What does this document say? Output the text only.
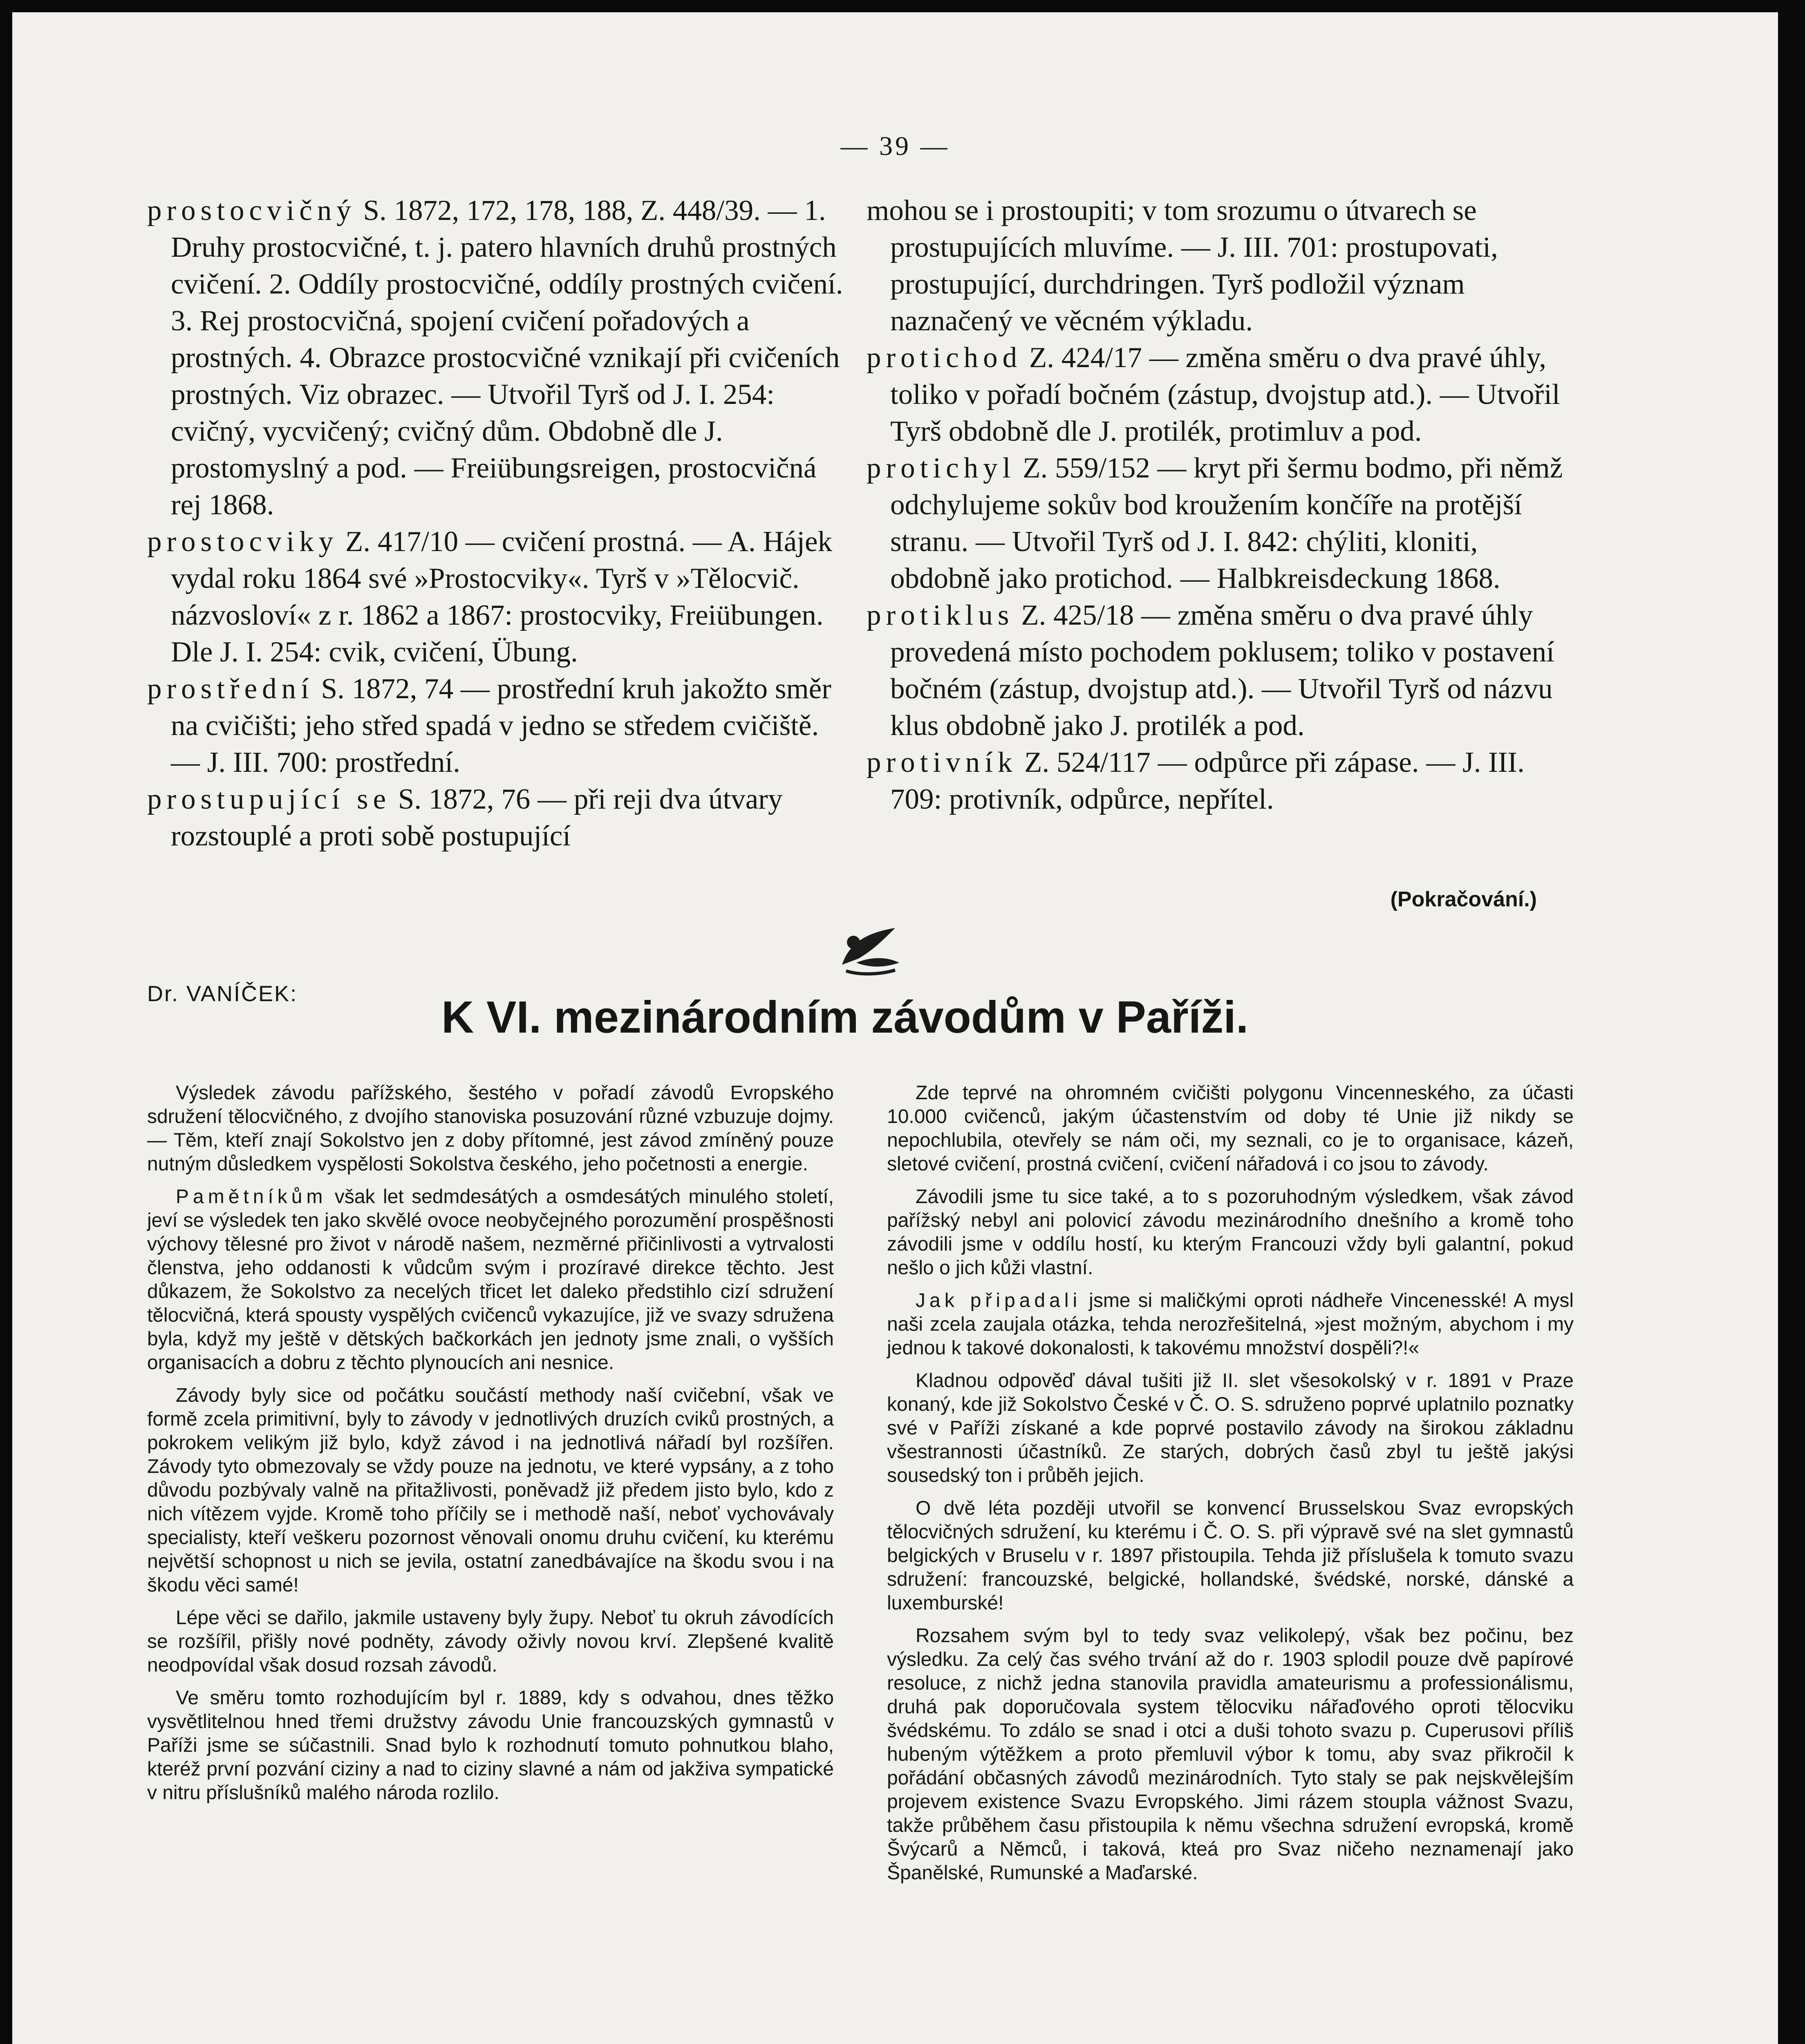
— 39 —

prostocvičný S. 1872, 172, 178, 188, Z. 448/39. — 1. Druhy prostocvičné, t. j. patero hlavních druhů prostných cvičení. 2. Oddíly prostocvičné, oddíly prostných cvičení. 3. Rej prostocvičná, spojení cvičení pořadových a prostných. 4. Obrazce prostocvičné vznikají při cvičeních prostných. Viz obrazec. — Utvořil Tyrš od J. I. 254: cvičný, vycvičený; cvičný dům. Obdobně dle J. prostomyslný a pod. — Freiübungsreigen, prostocvičná rej 1868.

prostocviky Z. 417/10 — cvičení prostná. — A. Hájek vydal roku 1864 své »Prostocviky«. Tyrš v »Tělocvič. názvosloví« z r. 1862 a 1867: prostocviky, Freiübungen. Dle J. I. 254: cvik, cvičení, Übung.

prostřední S. 1872, 74 — prostřední kruh jakožto směr na cvičišti; jeho střed spadá v jedno se středem cvičiště. — J. III. 700: prostřední.

prostupující se S. 1872, 76 — při reji dva útvary rozstouplé a proti sobě postupující

mohou se i prostoupiti; v tom srozumu o útvarech se prostupujících mluvíme. — J. III. 701: prostupovati, prostupující, durchdringen. Tyrš podložil význam naznačený ve věcném výkladu.

protichod Z. 424/17 — změna směru o dva pravé úhly, toliko v pořadí bočném (zástup, dvojstup atd.). — Utvořil Tyrš obdobně dle J. protilék, protimluv a pod.

protichyl Z. 559/152 — kryt při šermu bodmo, při němž odchylujeme sokův bod kroužením končíře na protější stranu. — Utvořil Tyrš od J. I. 842: chýliti, kloniti, obdobně jako protichod. — Halbkreisdeckung 1868.

protiklus Z. 425/18 — změna směru o dva pravé úhly provedená místo pochodem poklusem; toliko v postavení bočném (zástup, dvojstup atd.). — Utvořil Tyrš od názvu klus obdobně jako J. protilék a pod.

protivník Z. 524/117 — odpůrce při zápase. — J. III. 709: protivník, odpůrce, nepřítel.

(Pokračování.)
Dr. VANÍČEK:	K VI. mezinárodním závodům v Paříži.

Výsledek závodu pařížského, šestého v pořadí závodů Evropského sdružení tělocvičného, z dvojího stanoviska posuzování různé vzbuzuje dojmy. — Těm, kteří znají Sokolstvo jen z doby přítomné, jest závod zmíněný pouze nutným důsledkem vyspělosti Sokolstva českého, jeho početnosti a energie.

Pamětníkům však let sedmdesátých a osmdesátých minulého století, jeví se výsledek ten jako skvělé ovoce neobyčejného porozumění prospěšnosti výchovy tělesné pro život v národě našem, nezměrné přičinlivosti a vytrvalosti členstva, jeho oddanosti k vůdcům svým i prozíravé direkce těchto. Jest důkazem, že Sokolstvo za necelých třicet let daleko předstihlo cizí sdružení tělocvičná, která spousty vyspělých cvičenců vykazujíce, již ve svazy sdružena byla, když my ještě v dětských bačkorkách jen jednoty jsme znali, o vyšších organisacích a dobru z těchto plynoucích ani nesnice.

Závody byly sice od počátku součástí methody naší cvičební, však ve formě zcela primitivní, byly to závody v jednotlivých druzích cviků prostných, a pokrokem velikým již bylo, když závod i na jednotlivá nářadí byl rozšířen. Závody tyto obmezovaly se vždy pouze na jednotu, ve které vypsány, a z toho důvodu pozbývaly valně na přitažlivosti, poněvadž již předem jisto bylo, kdo z nich vítězem vyjde. Kromě toho příčily se i methodě naší, neboť vychovávaly specialisty, kteří veškeru pozornost věnovali onomu druhu cvičení, ku kterému největší schopnost u nich se jevila, ostatní zanedbávajíce na škodu svou i na škodu věci samé!

Lépe věci se dařilo, jakmile ustaveny byly župy. Neboť tu okruh závodících se rozšířil, přišly nové podněty, závody oživly novou krví. Zlepšené kvalitě neodpovídal však dosud rozsah závodů.

Ve směru tomto rozhodujícím byl r. 1889, kdy s odvahou, dnes těžko vysvětlitelnou hned třemi družstvy závodu Unie francouzských gymnastů v Paříži jsme se súčastnili. Snad bylo k rozhodnutí tomuto pohnutkou blaho, kteréž první pozvání ciziny a nad to ciziny slavné a nám od jakživa sympatické v nitru příslušníků malého národa rozlilo.

Zde teprvé na ohromném cvičišti polygonu Vincenneského, za účasti 10.000 cvičenců, jakým účastenstvím od doby té Unie již nikdy se nepochlubila, otevřely se nám oči, my seznali, co je to organisace, kázeň, sletové cvičení, prostná cvičení, cvičení nářadová i co jsou to závody.

Závodili jsme tu sice také, a to s pozoruhodným výsledkem, však závod pařížský nebyl ani polovicí závodu mezinárodního dnešního a kromě toho závodili jsme v oddílu hostí, ku kterým Francouzi vždy byli galantní, pokud nešlo o jich kůži vlastní.

Jak připadali jsme si maličkými oproti nádheře Vincenesské! A mysl naši zcela zaujala otázka, tehda nerozřešitelná, »jest možným, abychom i my jednou k takové dokonalosti, k takovému množství dospěli?!«

Kladnou odpověď dával tušiti již II. slet všesokolský v r. 1891 v Praze konaný, kde již Sokolstvo České v Č. O. S. sdruženo poprvé uplatnilo poznatky své v Paříži získané a kde poprvé postavilo závody na širokou základnu všestrannosti účastníků. Ze starých, dobrých časů zbyl tu ještě jakýsi sousedský ton i průběh jejich.

O dvě léta později utvořil se konvencí Brusselskou Svaz evropských tělocvičných sdružení, ku kterému i Č. O. S. při výpravě své na slet gymnastů belgických v Bruselu v r. 1897 přistoupila. Tehda již příslušela k tomuto svazu sdružení: francouzské, belgické, hollandské, švédské, norské, dánské a luxemburské!

Rozsahem svým byl to tedy svaz velikolepý, však bez počinu, bez výsledku. Za celý čas svého trvání až do r. 1903 splodil pouze dvě papírové resoluce, z nichž jedna stanovila pravidla amateurismu a professionálismu, druhá pak doporučovala system tělocviku nářaďového oproti tělocviku švédskému. To zdálo se snad i otci a duši tohoto svazu p. Cuperusovi příliš hubeným výtěžkem a proto přemluvil výbor k tomu, aby svaz přikročil k pořádání občasných závodů mezinárodních. Tyto staly se pak nejskvělejším projevem existence Svazu Evropského. Jimi rázem stoupla vážnost Svazu, takže průběhem času přistoupila k němu všechna sdružení evropská, kromě Švýcarů a Němců, i taková, kteá pro Svaz ničeho neznamenají jako Španělské, Rumunské a Maďarské.
